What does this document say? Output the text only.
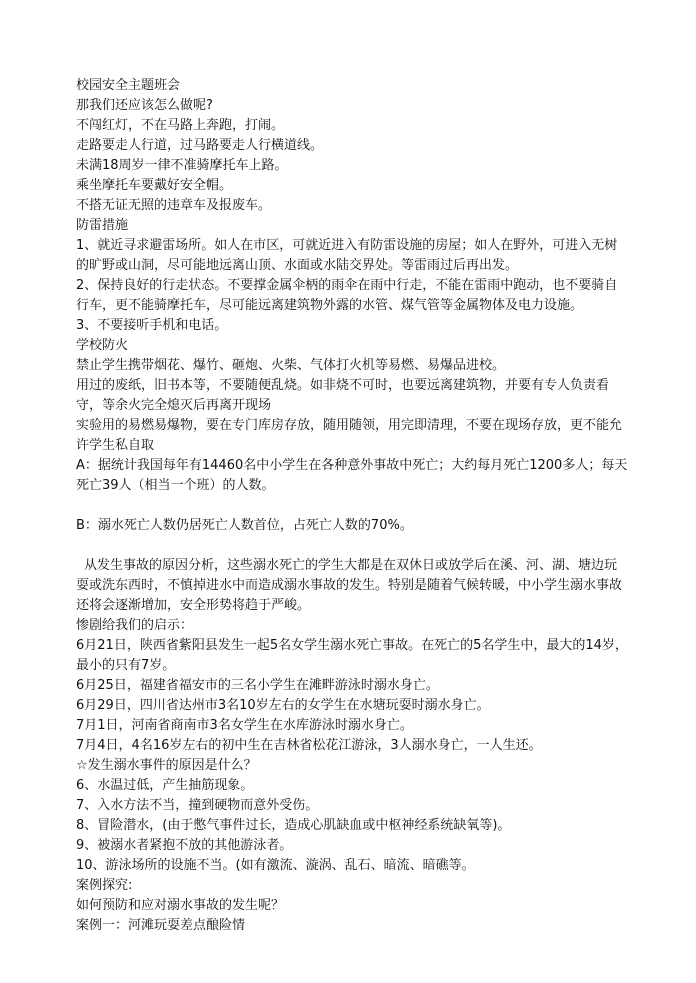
校园安全主题班会

那我们还应该怎么做呢?

不闯红灯，不在马路上奔跑，打闹。

走路要走人行道，过马路要走人行横道线。

未满18周岁一律不准骑摩托车上路。

乘坐摩托车要戴好安全帽。

不搭无证无照的违章车及报废车。

防雷措施

1、就近寻求避雷场所。如人在市区，可就近进入有防雷设施的房屋；如人在野外，可进入无树的旷野或山洞，尽可能地远离山顶、水面或水陆交界处。等雷雨过后再出发。

2、保持良好的行走状态。不要撑金属伞柄的雨伞在雨中行走，不能在雷雨中跑动，也不要骑自行车，更不能骑摩托车，尽可能远离建筑物外露的水管、煤气管等金属物体及电力设施。

3、不要接听手机和电话。

学校防火

禁止学生携带烟花、爆竹、砸炮、火柴、气体打火机等易燃、易爆品进校。

用过的废纸，旧书本等，不要随便乱烧。如非烧不可时，也要远离建筑物，并要有专人负责看守，等余火完全熄灭后再离开现场

实验用的易燃易爆物，要在专门库房存放，随用随领，用完即清理，不要在现场存放，更不能允许学生私自取

A：据统计我国每年有14460名中小学生在各种意外事故中死亡；大约每月死亡1200多人；每天死亡39人（相当一个班）的人数。

B：溺水死亡人数仍居死亡人数首位，占死亡人数的70%。

从发生事故的原因分析，这些溺水死亡的学生大都是在双休日或放学后在溪、河、湖、塘边玩耍或洗东西时，不慎掉进水中而造成溺水事故的发生。特别是随着气候转暖，中小学生溺水事故还将会逐渐增加，安全形势将趋于严峻。

惨剧给我们的启示：

6月21日，陕西省紫阳县发生一起5名女学生溺水死亡事故。在死亡的5名学生中，最大的14岁，最小的只有7岁。

6月25日，福建省福安市的三名小学生在滩畔游泳时溺水身亡。

6月29日，四川省达州市3名10岁左右的女学生在水塘玩耍时溺水身亡。

7月1日，河南省商南市3名女学生在水库游泳时溺水身亡。

7月4日，4名16岁左右的初中生在吉林省松花江游泳，3人溺水身亡，一人生还。

☆发生溺水事件的原因是什么？

6、水温过低，产生抽筋现象。

7、入水方法不当，撞到硬物而意外受伤。

8、冒险潜水，(由于憋气事件过长，造成心肌缺血或中枢神经系统缺氧等)。

9、被溺水者紧抱不放的其他游泳者。

10、游泳场所的设施不当。(如有激流、漩涡、乱石、暗流、暗礁等。

案例探究:

如何预防和应对溺水事故的发生呢？

案例一：河滩玩耍差点酿险情
